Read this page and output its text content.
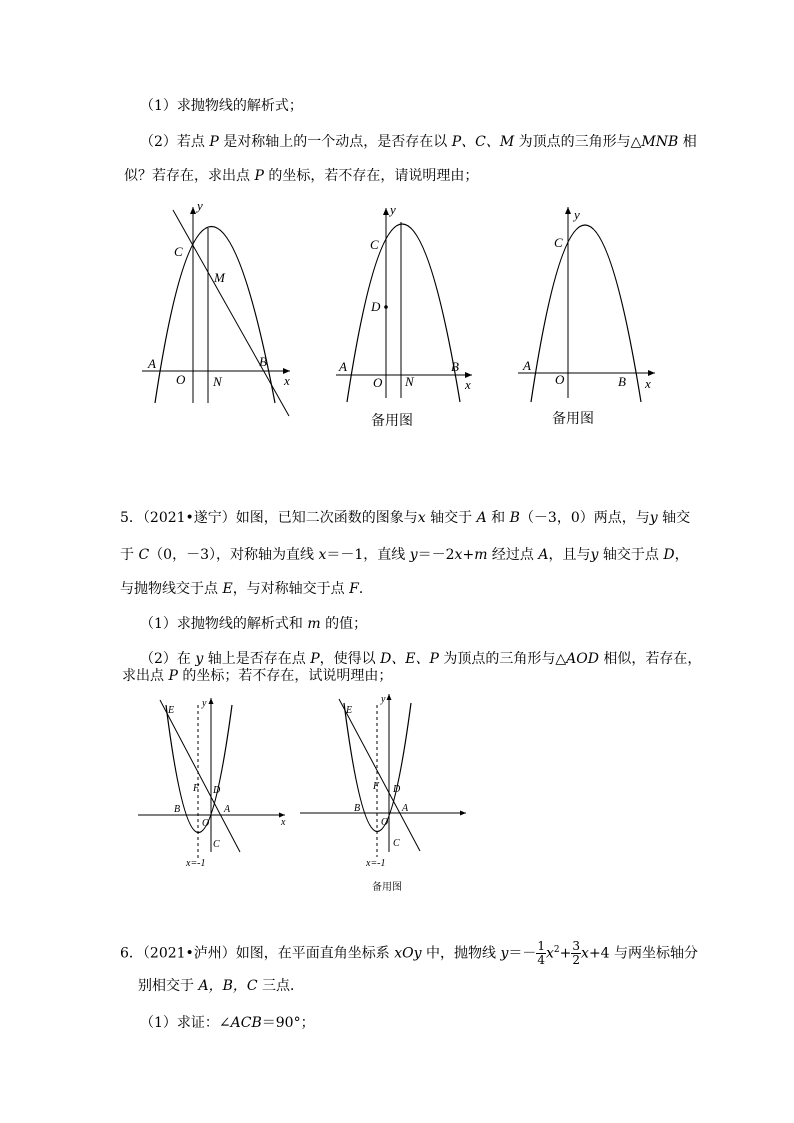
（1）求抛物线的解析式；
（2）若点 P 是对称轴上的一个动点，是否存在以 P、C、M 为顶点的三角形与△MNB 相
似？若存在，求出点 P 的坐标，若不存在，请说明理由；
y
C
M
A
O N
B
x
y
C
D
A
O N
B
x
备用图
y
C
A
O	B x
备用图
5．（2021•遂宁）如图，已知二次函数的图象与x 轴交于 A 和 B（－3，0）两点，与y 轴交
于 C（0，－3），对称轴为直线 x＝－1，直线 y＝－2x+m 经过点 A，且与y 轴交于点 D，
与抛物线交于点 E，与对称轴交于点 F．
（1）求抛物线的解析式和 m 的值；
（2）在 y 轴上是否存在点 P，使得以 D、E、P 为顶点的三角形与△AOD 相似，若存在，
求出点 P 的坐标；若不存在，试说明理由；
E
y
F D
B	A
O
C
x
x=-1
E
y
F D
B	A
O
C
x=-1
备用图
6．（2021•泸州）如图，在平面直角坐标系 xOy 中，抛物线 $y=- \frac{1}{4} x^2+ \frac{3}{2} x+4$ 与两坐标轴分
别相交于 A，B，C 三点．
（1）求证：∠ACB＝90°；
